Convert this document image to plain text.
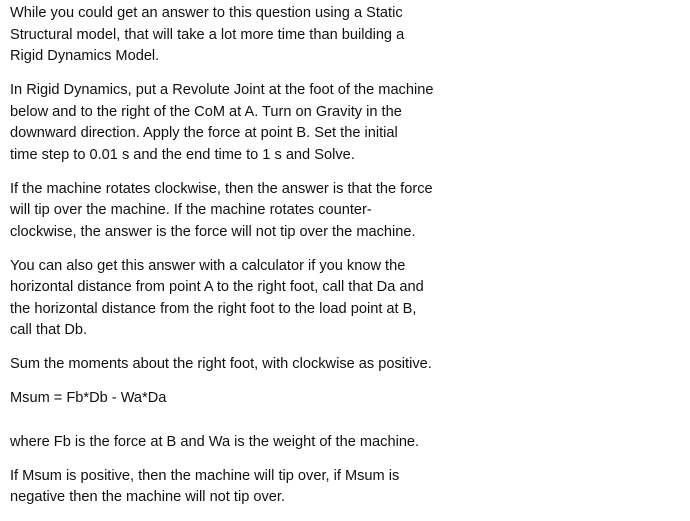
While you could get an answer to this question using a Static
Structural model, that will take a lot more time than building a
Rigid Dynamics Model.

In Rigid Dynamics, put a Revolute Joint at the foot of the machine
below and to the right of the CoM at A. Turn on Gravity in the
downward direction. Apply the force at point B. Set the initial
time step to 0.01 s and the end time to 1 s and Solve.

If the machine rotates clockwise, then the answer is that the force
will tip over the machine. If the machine rotates counter-
clockwise, the answer is the force will not tip over the machine.

You can also get this answer with a calculator if you know the
horizontal distance from point A to the right foot, call that Da and
the horizontal distance from the right foot to the load point at B,
call that Db.

Sum the moments about the right foot, with clockwise as positive.

Msum = Fb*Db - Wa*Da

where Fb is the force at B and Wa is the weight of the machine.

If Msum is positive, then the machine will tip over, if Msum is
negative then the machine will not tip over.
